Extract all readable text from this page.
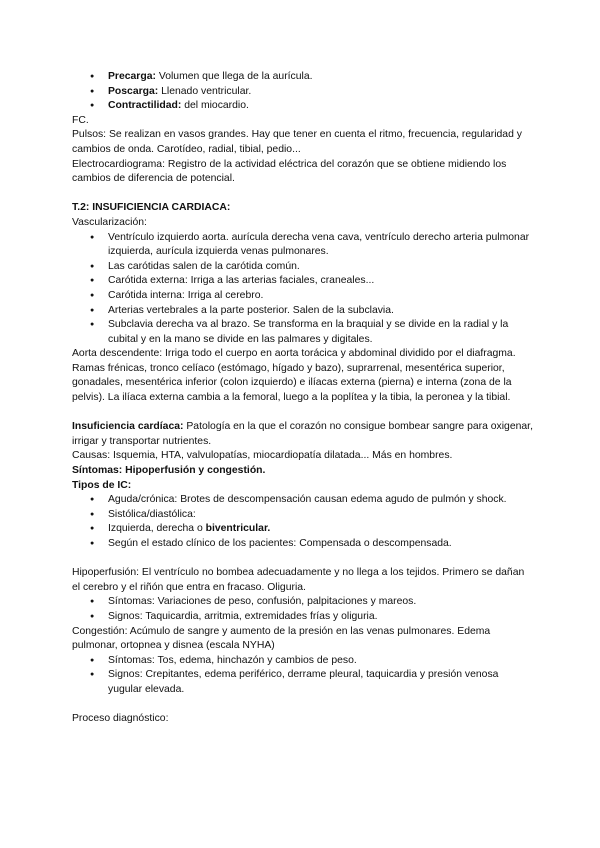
● Precarga: Volumen que llega de la aurícula.
● Poscarga: Llenado ventricular.
● Contractilidad: del miocardio.

FC.

Pulsos: Se realizan en vasos grandes. Hay que tener en cuenta el ritmo, frecuencia, regularidad y cambios de onda. Carotídeo, radial, tibial, pedio...

Electrocardiograma: Registro de la actividad eléctrica del corazón que se obtiene midiendo los cambios de diferencia de potencial.

T.2: INSUFICIENCIA CARDIACA:

Vascularización:

● Ventrículo izquierdo aorta. aurícula derecha vena cava, ventrículo derecho arteria pulmonar izquierda, aurícula izquierda venas pulmonares.
● Las carótidas salen de la carótida común.
● Carótida externa: Irriga a las arterias faciales, craneales...
● Carótida interna: Irriga al cerebro.
● Arterias vertebrales a la parte posterior. Salen de la subclavia.
● Subclavia derecha va al brazo. Se transforma en la braquial y se divide en la radial y la cubital y en la mano se divide en las palmares y digitales.

Aorta descendente: Irriga todo el cuerpo en aorta torácica y abdominal dividido por el diafragma.

Ramas frénicas, tronco celíaco (estómago, hígado y bazo), suprarrenal, mesentérica superior, gonadales, mesentérica inferior (colon izquierdo) e ilíacas externa (pierna) e interna (zona de la pelvis). La ilíaca externa cambia a la femoral, luego a la poplítea y la tibia, la peronea y la tibial.

Insuficiencia cardíaca: Patología en la que el corazón no consigue bombear sangre para oxigenar, irrigar y transportar nutrientes.

Causas: Isquemia, HTA, valvulopatías, miocardiopatía dilatada... Más en hombres.

Síntomas: Hipoperfusión y congestión.

Tipos de IC:

● Aguda/crónica: Brotes de descompensación causan edema agudo de pulmón y shock.
● Sistólica/diastólica:
● Izquierda, derecha o biventricular.
● Según el estado clínico de los pacientes: Compensada o descompensada.

Hipoperfusión: El ventrículo no bombea adecuadamente y no llega a los tejidos. Primero se dañan el cerebro y el riñón que entra en fracaso. Oliguria.

● Síntomas: Variaciones de peso, confusión, palpitaciones y mareos.
● Signos: Taquicardia, arritmia, extremidades frías y oliguria.

Congestión: Acúmulo de sangre y aumento de la presión en las venas pulmonares. Edema pulmonar, ortopnea y disnea (escala NYHA)

● Síntomas: Tos, edema, hinchazón y cambios de peso.
● Signos: Crepitantes, edema periférico, derrame pleural, taquicardia y presión venosa yugular elevada.

Proceso diagnóstico:
